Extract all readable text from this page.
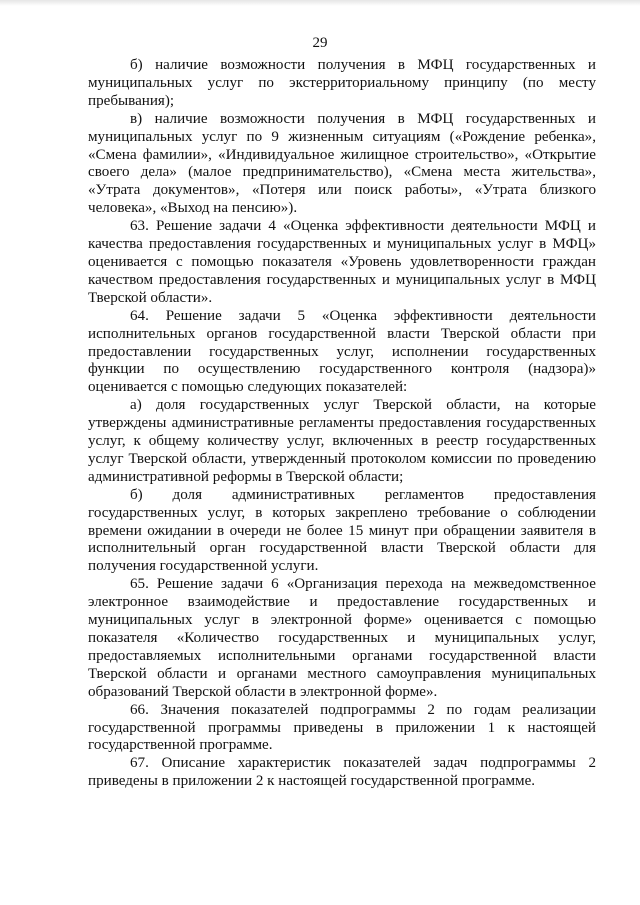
29

б) наличие возможности получения в МФЦ государственных и муниципальных услуг по экстерриториальному принципу (по месту пребывания);

в) наличие возможности получения в МФЦ государственных и муниципальных услуг по 9 жизненным ситуациям («Рождение ребенка», «Смена фамилии», «Индивидуальное жилищное строительство», «Открытие своего дела» (малое предпринимательство), «Смена места жительства», «Утрата документов», «Потеря или поиск работы», «Утрата близкого человека», «Выход на пенсию»).

63. Решение задачи 4 «Оценка эффективности деятельности МФЦ и качества предоставления государственных и муниципальных услуг в МФЦ» оценивается с помощью показателя «Уровень удовлетворенности граждан качеством предоставления государственных и муниципальных услуг в МФЦ Тверской области».

64. Решение задачи 5 «Оценка эффективности деятельности исполнительных органов государственной власти Тверской области при предоставлении государственных услуг, исполнении государственных функции по осуществлению государственного контроля (надзора)» оценивается с помощью следующих показателей:

а) доля государственных услуг Тверской области, на которые утверждены административные регламенты предоставления государственных услуг, к общему количеству услуг, включенных в реестр государственных услуг Тверской области, утвержденный протоколом комиссии по проведению административной реформы в Тверской области;

б) доля административных регламентов предоставления государственных услуг, в которых закреплено требование о соблюдении времени ожидании в очереди не более 15 минут при обращении заявителя в исполнительный орган государственной власти Тверской области для получения государственной услуги.

65. Решение задачи 6 «Организация перехода на межведомственное электронное взаимодействие и предоставление государственных и муниципальных услуг в электронной форме» оценивается с помощью показателя «Количество государственных и муниципальных услуг, предоставляемых исполнительными органами государственной власти Тверской области и органами местного самоуправления муниципальных образований Тверской области в электронной форме».

66. Значения показателей подпрограммы 2 по годам реализации государственной программы приведены в приложении 1 к настоящей государственной программе.

67. Описание характеристик показателей задач подпрограммы 2 приведены в приложении 2 к настоящей государственной программе.
